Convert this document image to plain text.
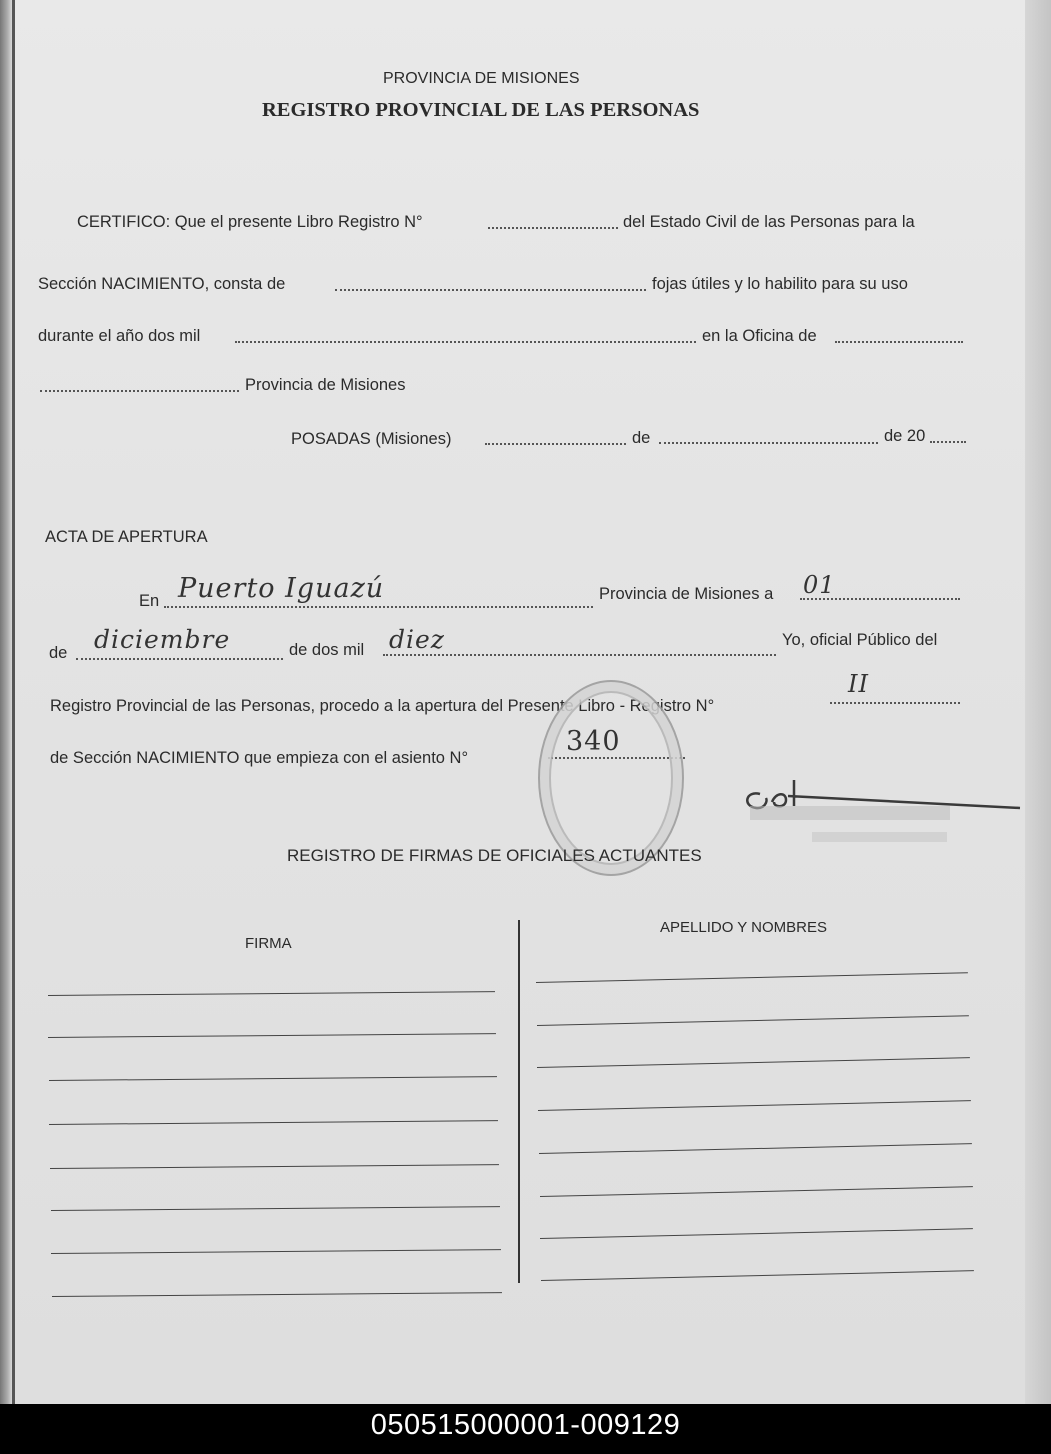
PROVINCIA DE MISIONES
REGISTRO PROVINCIAL DE LAS PERSONAS
CERTIFICO: Que el presente Libro Registro N°	del Estado Civil de las Personas para la
Sección NACIMIENTO, consta de	fojas útiles y lo habilito para su uso
durante el año dos mil	en la Oficina de
Provincia de Misiones
POSADAS (Misiones)	de	de 20
ACTA DE APERTURA
En Puerto Iguazú	Provincia de Misiones a 01
de diciembre	de dos mil diez	Yo, oficial Público del
Registro Provincial de las Personas, procedo a la apertura del Presente Libro - Registro N°
II
de Sección NACIMIENTO que empieza con el asiento N°
340
REGISTRO DE FIRMAS DE OFICIALES ACTUANTES
FIRMA
APELLIDO Y NOMBRES
050515000001-009129
